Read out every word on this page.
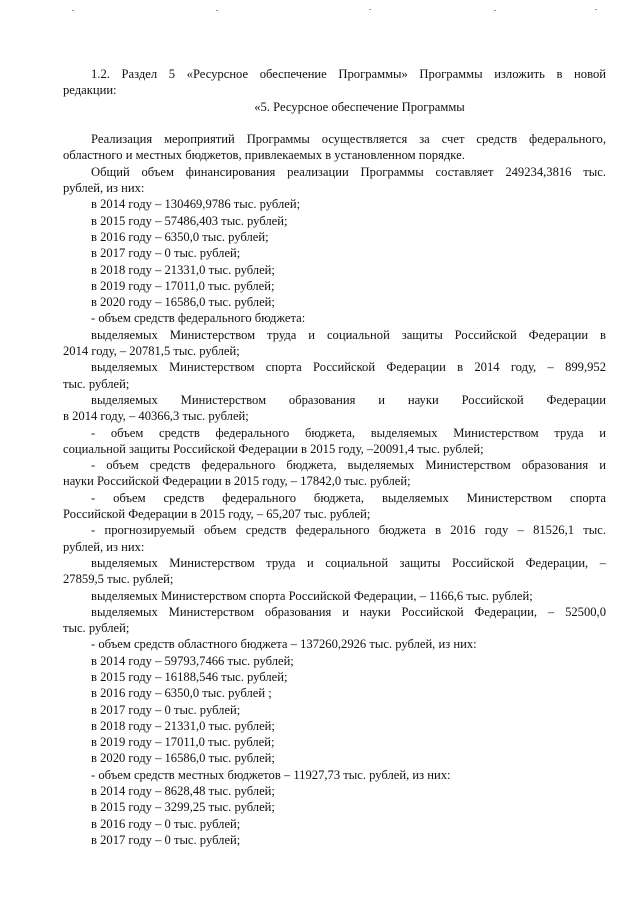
1.2. Раздел 5 «Ресурсное обеспечение Программы» Программы изложить в новой

редакции:

«5. Ресурсное обеспечение Программы

Реализация мероприятий Программы осуществляется за счет средств федерального,

областного и местных бюджетов, привлекаемых в установленном порядке.

Общий объем финансирования реализации Программы составляет 249234,3816 тыс.

рублей, из них:

в 2014 году – 130469,9786 тыс. рублей;

в 2015 году – 57486,403 тыс. рублей;

в 2016 году – 6350,0 тыс. рублей;

в 2017 году – 0 тыс. рублей;

в 2018 году – 21331,0 тыс. рублей;

в 2019 году – 17011,0 тыс. рублей;

в 2020 году – 16586,0 тыс. рублей;

- объем средств федерального бюджета:

выделяемых Министерством труда и социальной защиты Российской Федерации в

2014 году, – 20781,5 тыс. рублей;

выделяемых Министерством спорта Российской Федерации в 2014 году, – 899,952

тыс. рублей;

выделяемых Министерством образования и науки Российской Федерации

в 2014 году, – 40366,3 тыс. рублей;

- объем средств федерального бюджета, выделяемых Министерством труда и

социальной защиты Российской Федерации в 2015 году, –20091,4 тыс. рублей;

- объем средств федерального бюджета, выделяемых Министерством образования и

науки Российской Федерации в 2015 году, – 17842,0 тыс. рублей;

- объем средств федерального бюджета, выделяемых Министерством спорта

Российской Федерации в 2015 году, – 65,207 тыс. рублей;

- прогнозируемый объем средств федерального бюджета в 2016 году – 81526,1 тыс.

рублей, из них:

выделяемых Министерством труда и социальной защиты Российской Федерации, –

27859,5 тыс. рублей;

выделяемых Министерством спорта Российской Федерации, – 1166,6 тыс. рублей;

выделяемых Министерством образования и науки Российской Федерации, – 52500,0

тыс. рублей;

- объем средств областного бюджета – 137260,2926 тыс. рублей, из них:

в 2014 году – 59793,7466 тыс. рублей;

в 2015 году – 16188,546 тыс. рублей;

в 2016 году – 6350,0 тыс. рублей ;

в 2017 году – 0 тыс. рублей;

в 2018 году – 21331,0 тыс. рублей;

в 2019 году – 17011,0 тыс. рублей;

в 2020 году – 16586,0 тыс. рублей;

- объем средств местных бюджетов – 11927,73 тыс. рублей, из них:

в 2014 году – 8628,48 тыс. рублей;

в 2015 году – 3299,25 тыс. рублей;

в 2016 году – 0 тыс. рублей;

в 2017 году – 0 тыс. рублей;
